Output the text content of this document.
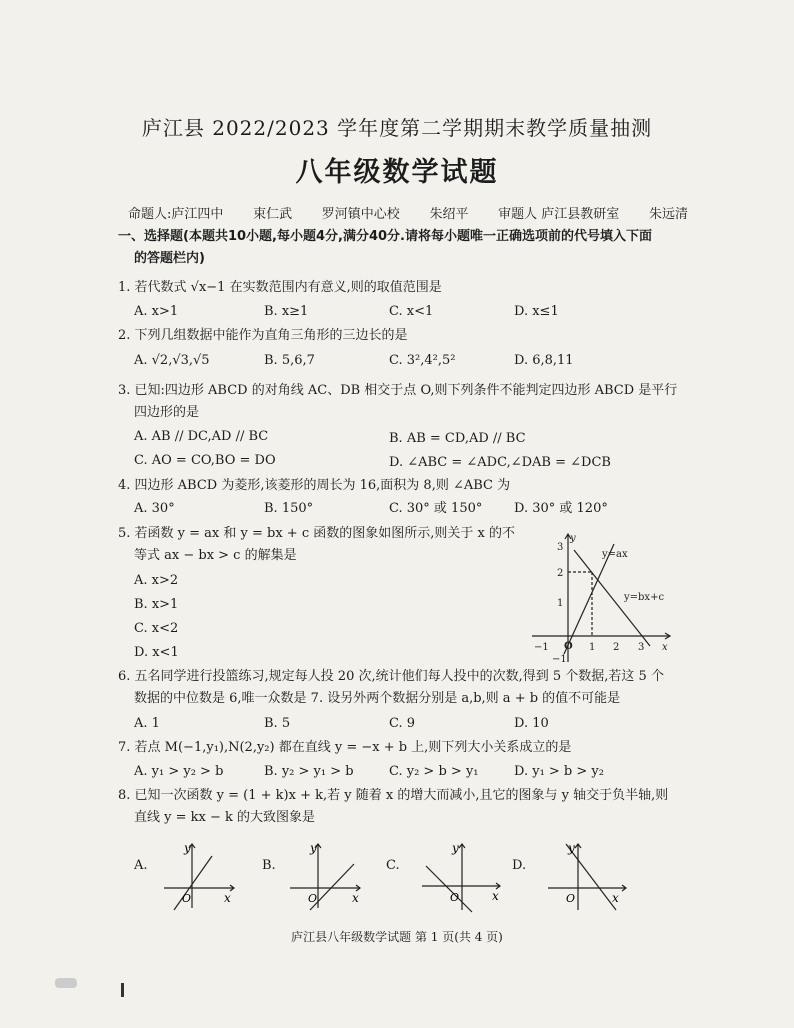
庐江县 2022/2023 学年度第二学期期末教学质量抽测
八年级数学试题
命题人:庐江四中 束仁武 罗河镇中心校 朱绍平 审题人 庐江县教研室 朱远清
一、选择题(本题共10小题,每小题4分,满分40分.请将每小题唯一正确选项前的代号填入下面
的答题栏内)
1. 若代数式 √x−1 在实数范围内有意义,则的取值范围是
A. x>1	B. x≥1	C. x<1	D. x≤1
2. 下列几组数据中能作为直角三角形的三边长的是
A. √2,√3,√5	B. 5,6,7	C. 3²,4²,5²	D. 6,8,11
3. 已知:四边形 ABCD 的对角线 AC、DB 相交于点 O,则下列条件不能判定四边形 ABCD 是平行
四边形的是
A. AB // DC,AD // BC	B. AB = CD,AD // BC
C. AO = CO,BO = DO	D. ∠ABC = ∠ADC,∠DAB = ∠DCB
4. 四边形 ABCD 为菱形,该菱形的周长为 16,面积为 8,则 ∠ABC 为
A. 30°	B. 150°	C. 30° 或 150° D. 30° 或 120°
5. 若函数 y = ax 和 y = bx + c 函数的图象如图所示,则关于 x 的不
等式 ax − bx > c 的解集是
A. x>2
B. x>1
C. x<2
D. x<1
y=ax
y=bx+c
x
y
O
−1	1 2 3
1
2
3
−1
6. 五名同学进行投篮练习,规定每人投 20 次,统计他们每人投中的次数,得到 5 个数据,若这 5 个
数据的中位数是 6,唯一众数是 7. 设另外两个数据分别是 a,b,则 a + b 的值不可能是
A. 1	B. 5	C. 9	D. 10
7. 若点 M(−1,y₁),N(2,y₂) 都在直线 y = −x + b 上,则下列大小关系成立的是
A. y₁ > y₂ > b	B. y₂ > y₁ > b	C. y₂ > b > y₁	D. y₁ > b > y₂
8. 已知一次函数 y = (1 + k)x + k,若 y 随着 x 的增大而减小,且它的图象与 y 轴交于负半轴,则
直线 y = kx − k 的大致图象是
A.	B.	C.	D.
O	x
y
O	x
y
O	x
y
O	x
y
庐江县八年级数学试题 第 1 页(共 4 页)
